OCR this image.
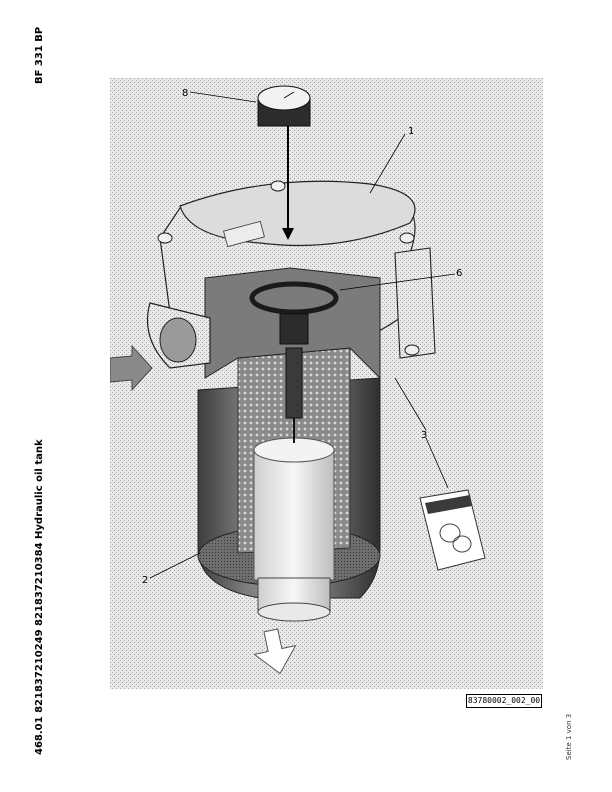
BF 331 BP
468.01 821837210249 821837210384 Hydraulic oil tank	Seite 1 von 3
8
1
6
3
2
83780002_002_00
